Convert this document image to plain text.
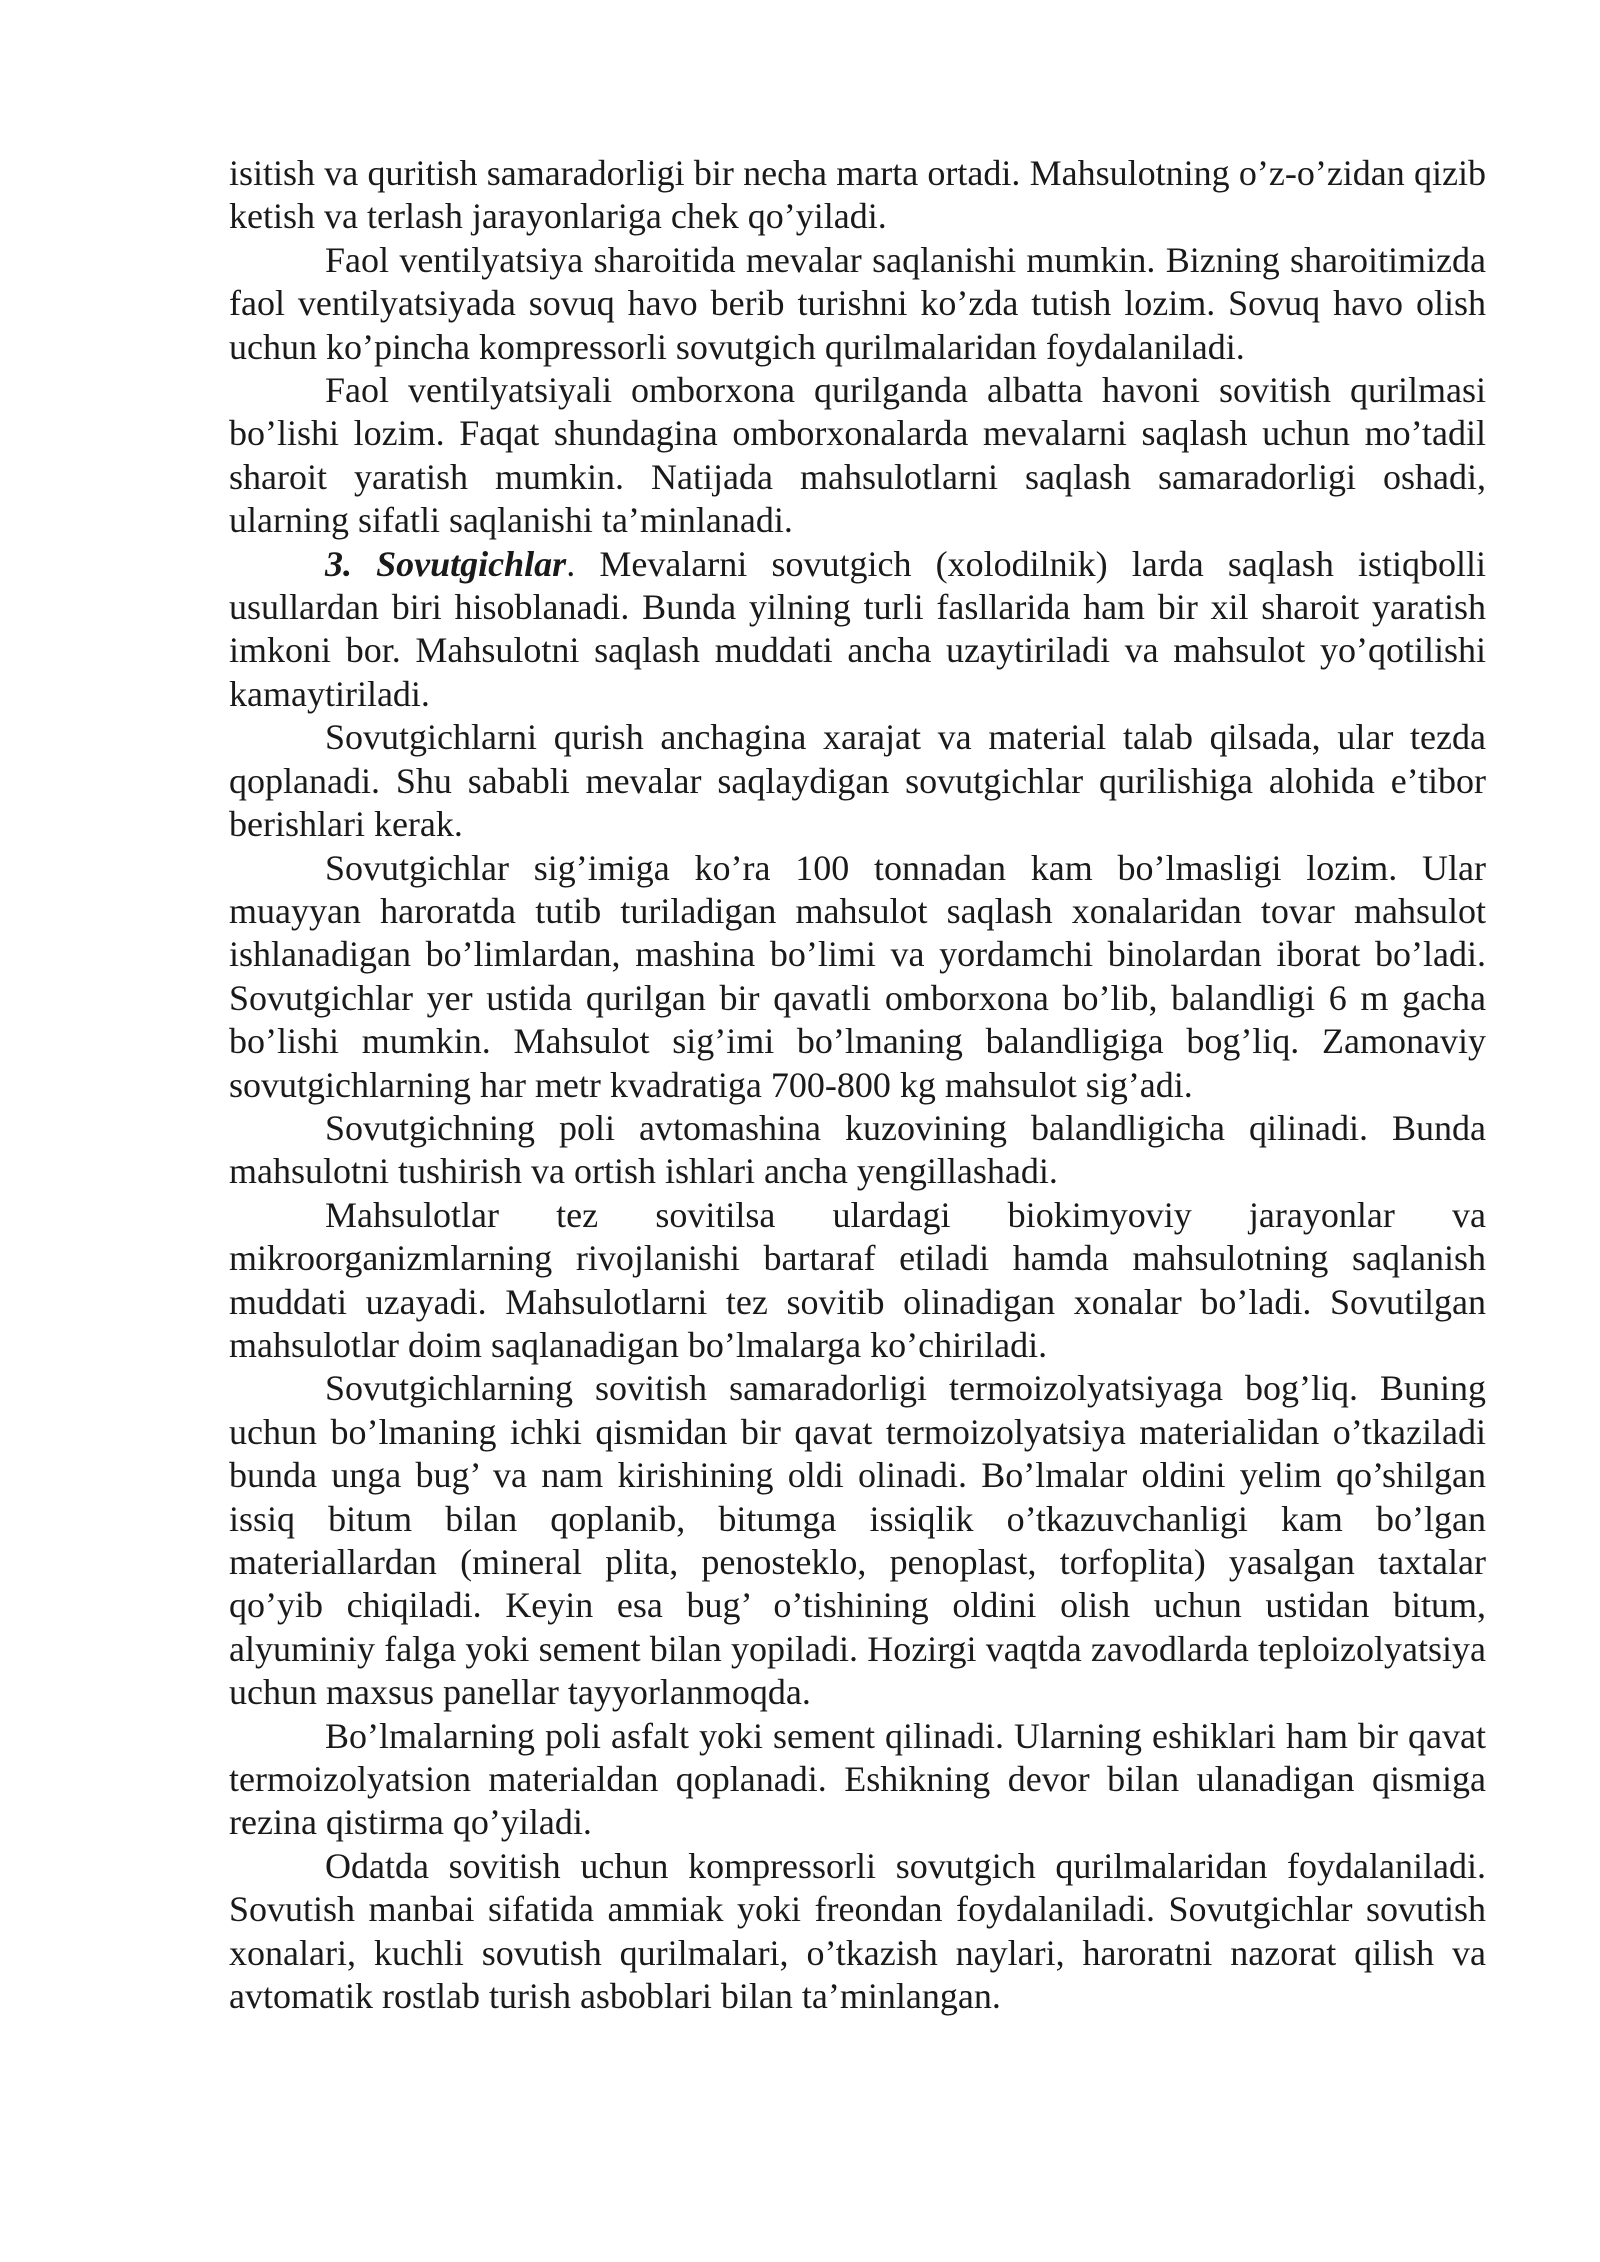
isitish va quritish samaradorligi bir necha marta ortadi. Mahsulotning o’z-o’zidan qizib ketish va terlash jarayonlariga chek qo’yiladi.

Faol ventilyatsiya sharoitida mevalar saqlanishi mumkin. Bizning sharoitimizda faol ventilyatsiyada sovuq havo berib turishni ko’zda tutish lozim. Sovuq havo olish uchun ko’pincha kompressorli sovutgich qurilmalaridan foydalaniladi.

Faol ventilyatsiyali omborxona qurilganda albatta havoni sovitish qurilmasi bo’lishi lozim. Faqat shundagina omborxonalarda mevalarni saqlash uchun mo’tadil sharoit yaratish mumkin. Natijada mahsulotlarni saqlash samaradorligi oshadi, ularning sifatli saqlanishi ta’minlanadi.

3. Sovutgichlar. Mevalarni sovutgich (xolodilnik) larda saqlash istiqbolli usullardan biri hisoblanadi. Bunda yilning turli fasllarida ham bir xil sharoit yaratish imkoni bor. Mahsulotni saqlash muddati ancha uzaytiriladi va mahsulot yo’qotilishi kamaytiriladi.

Sovutgichlarni qurish anchagina xarajat va material talab qilsada, ular tezda qoplanadi. Shu sababli mevalar saqlaydigan sovutgichlar qurilishiga alohida e’tibor berishlari kerak.

Sovutgichlar sig’imiga ko’ra 100 tonnadan kam bo’lmasligi lozim. Ular muayyan haroratda tutib turiladigan mahsulot saqlash xonalaridan tovar mahsulot ishlanadigan bo’limlardan, mashina bo’limi va yordamchi binolardan iborat bo’ladi. Sovutgichlar yer ustida qurilgan bir qavatli omborxona bo’lib, balandligi 6 m gacha bo’lishi mumkin. Mahsulot sig’imi bo’lmaning balandligiga bog’liq. Zamonaviy sovutgichlarning har metr kvadratiga 700-800 kg mahsulot sig’adi.

Sovutgichning poli avtomashina kuzovining balandligicha qilinadi. Bunda mahsulotni tushirish va ortish ishlari ancha yengillashadi.

Mahsulotlar tez sovitilsa ulardagi biokimyoviy jarayonlar va mikroorganizmlarning rivojlanishi bartaraf etiladi hamda mahsulotning saqlanish muddati uzayadi. Mahsulotlarni tez sovitib olinadigan xonalar bo’ladi. Sovutilgan mahsulotlar doim saqlanadigan bo’lmalarga ko’chiriladi.

Sovutgichlarning sovitish samaradorligi termoizolyatsiyaga bog’liq. Buning uchun bo’lmaning ichki qismidan bir qavat termoizolyatsiya materialidan o’tkaziladi bunda unga bug’ va nam kirishining oldi olinadi. Bo’lmalar oldini yelim qo’shilgan issiq bitum bilan qoplanib, bitumga issiqlik o’tkazuvchanligi kam bo’lgan materiallardan (mineral plita, penosteklo, penoplast, torfoplita) yasalgan taxtalar qo’yib chiqiladi. Keyin esa bug’ o’tishining oldini olish uchun ustidan bitum, alyuminiy falga yoki sement bilan yopiladi. Hozirgi vaqtda zavodlarda teploizolyatsiya uchun maxsus panellar tayyorlanmoqda.

Bo’lmalarning poli asfalt yoki sement qilinadi. Ularning eshiklari ham bir qavat termoizolyatsion materialdan qoplanadi. Eshikning devor bilan ulanadigan qismiga rezina qistirma qo’yiladi.

Odatda sovitish uchun kompressorli sovutgich qurilmalaridan foydalaniladi. Sovutish manbai sifatida ammiak yoki freondan foydalaniladi. Sovutgichlar sovutish xonalari, kuchli sovutish qurilmalari, o’tkazish naylari, haroratni nazorat qilish va avtomatik rostlab turish asboblari bilan ta’minlangan.
